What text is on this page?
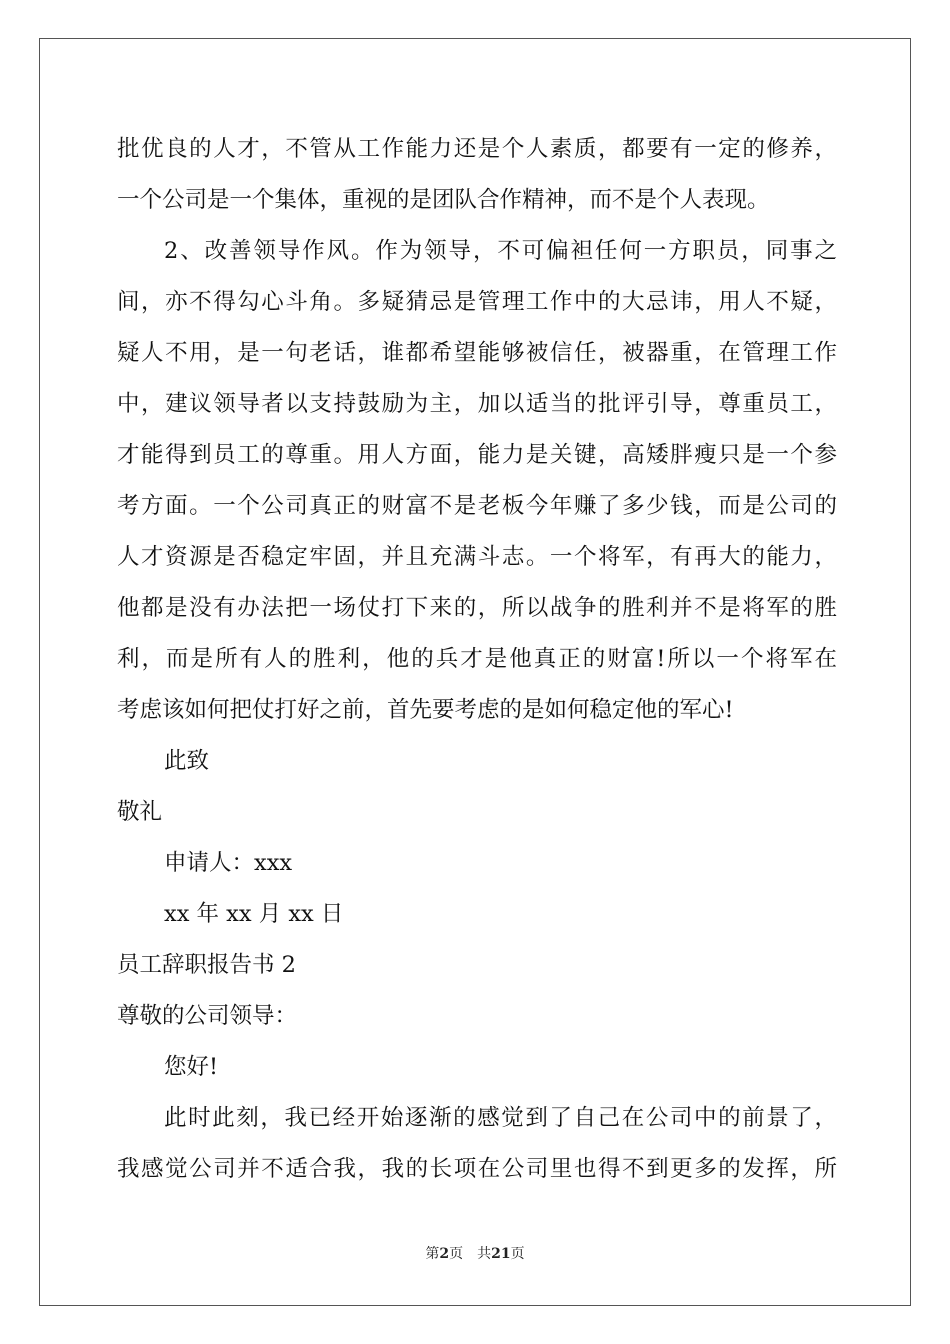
批优良的人才，不管从工作能力还是个人素质，都要有一定的修养，
一个公司是一个集体，重视的是团队合作精神，而不是个人表现。
2、改善领导作风。作为领导，不可偏袒任何一方职员，同事之
间，亦不得勾心斗角。多疑猜忌是管理工作中的大忌讳，用人不疑，
疑人不用，是一句老话，谁都希望能够被信任，被器重，在管理工作
中，建议领导者以支持鼓励为主，加以适当的批评引导，尊重员工，
才能得到员工的尊重。用人方面，能力是关键，高矮胖瘦只是一个参
考方面。一个公司真正的财富不是老板今年赚了多少钱，而是公司的
人才资源是否稳定牢固，并且充满斗志。一个将军，有再大的能力，
他都是没有办法把一场仗打下来的，所以战争的胜利并不是将军的胜
利，而是所有人的胜利，他的兵才是他真正的财富!所以一个将军在
考虑该如何把仗打好之前，首先要考虑的是如何稳定他的军心!
此致
敬礼
申请人：xxx
xx 年 xx 月 xx 日
员工辞职报告书 2
尊敬的公司领导：
您好!
此时此刻，我已经开始逐渐的感觉到了自己在公司中的前景了，
我感觉公司并不适合我，我的长项在公司里也得不到更多的发挥，所
第2页 共21页
